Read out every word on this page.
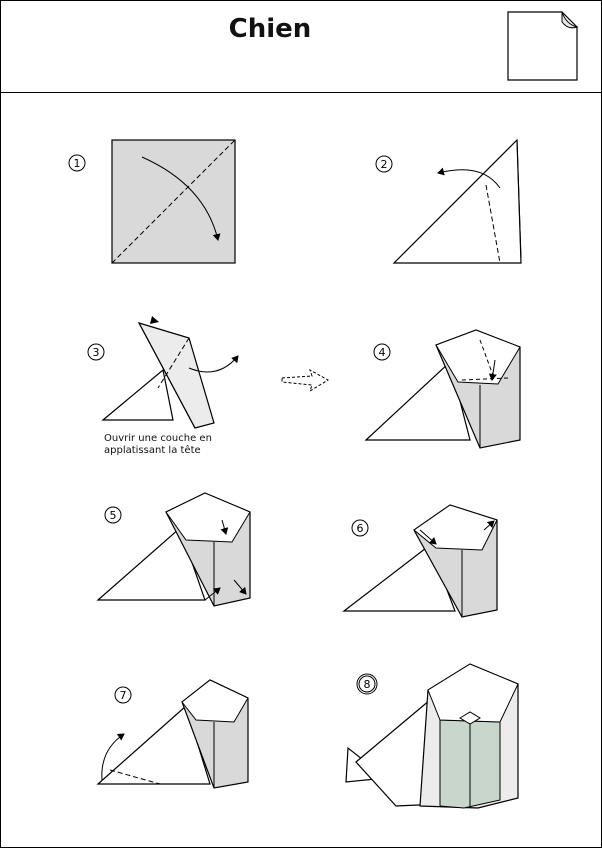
Chien
1	2
3	4
5
6
7
8
Ouvrir une couche en
applatissant la tête
